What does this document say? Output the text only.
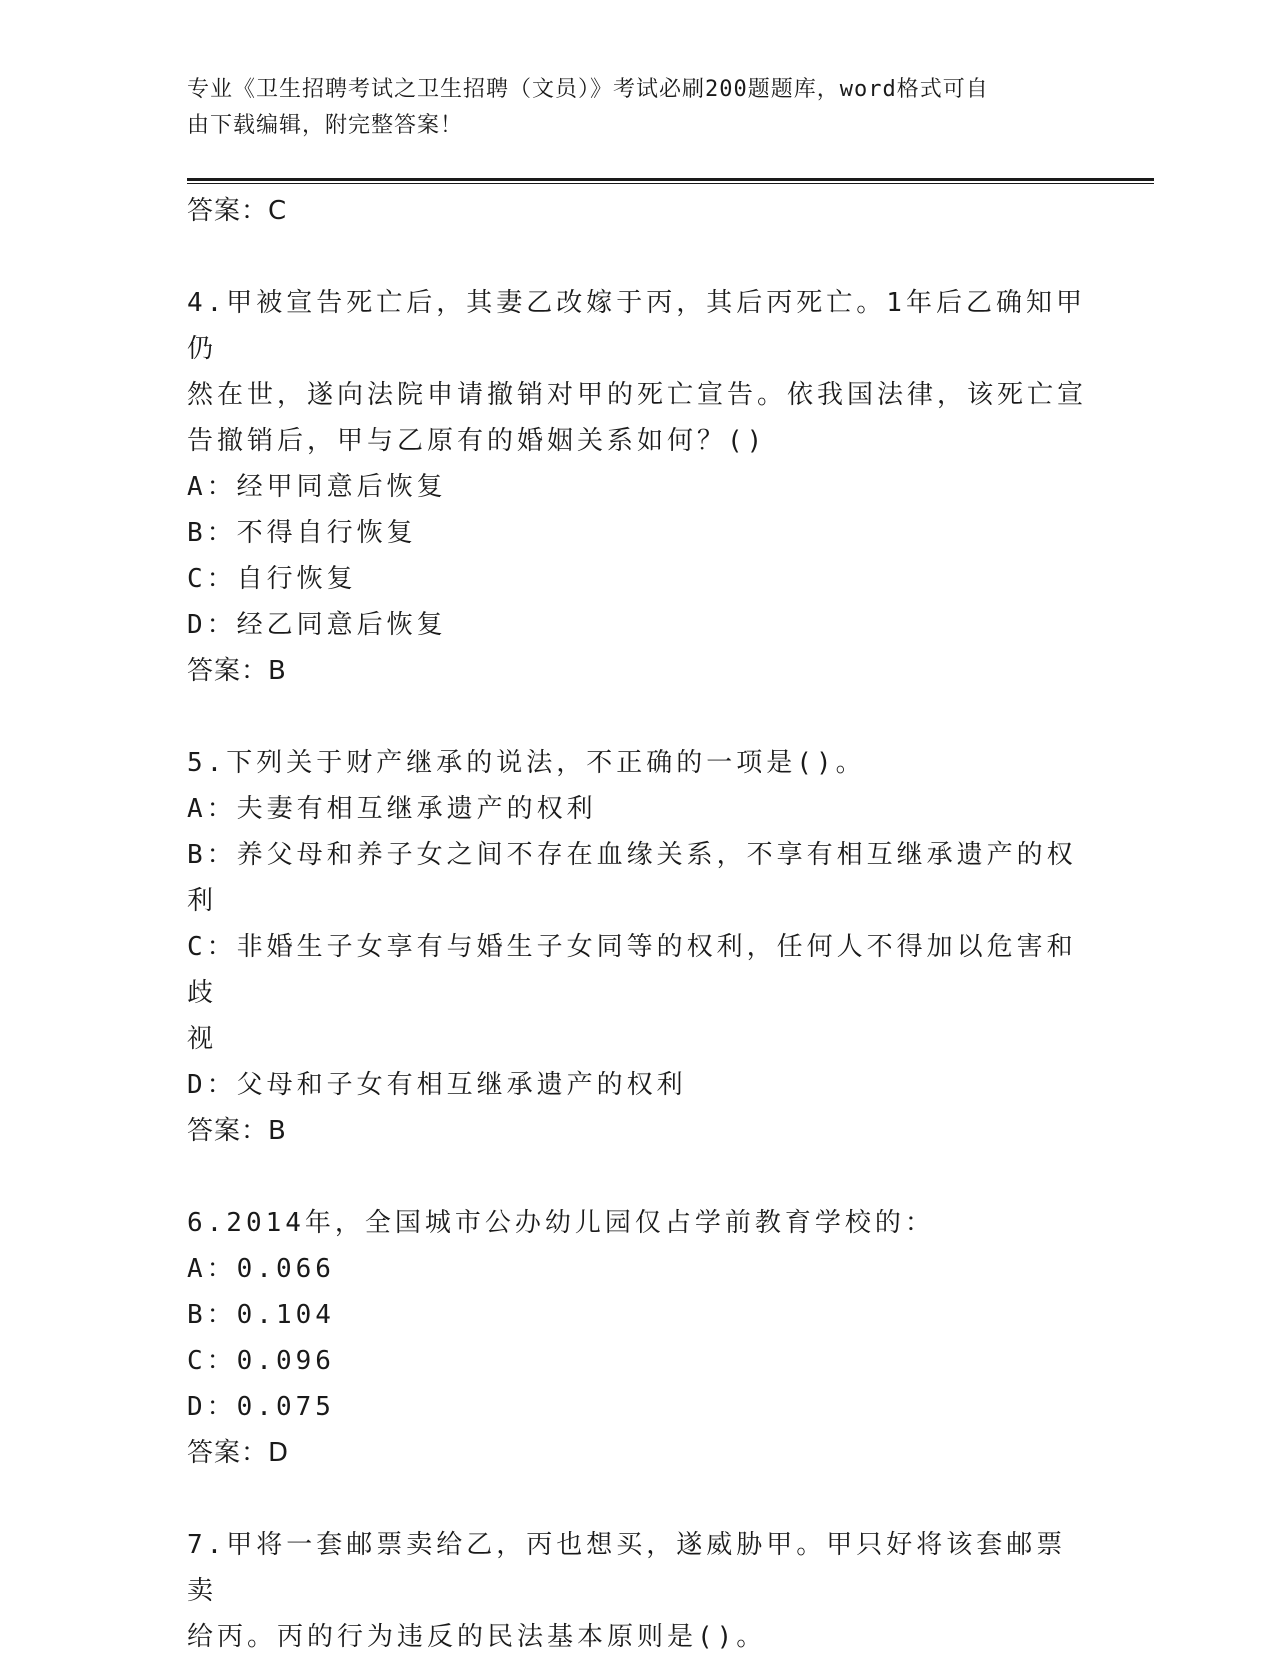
专业《卫生招聘考试之卫生招聘（文员）》考试必刷200题题库，word格式可自
由下载编辑，附完整答案！
答案：C
4.甲被宣告死亡后，其妻乙改嫁于丙，其后丙死亡。1年后乙确知甲仍
然在世，遂向法院申请撤销对甲的死亡宣告。依我国法律，该死亡宣
告撤销后，甲与乙原有的婚姻关系如何？()
A：经甲同意后恢复
B：不得自行恢复
C：自行恢复
D：经乙同意后恢复
答案：B
5.下列关于财产继承的说法，不正确的一项是()。
A：夫妻有相互继承遗产的权利
B：养父母和养子女之间不存在血缘关系，不享有相互继承遗产的权利
C：非婚生子女享有与婚生子女同等的权利，任何人不得加以危害和歧
视
D：父母和子女有相互继承遗产的权利
答案：B
6.2014年，全国城市公办幼儿园仅占学前教育学校的：
A：0.066
B：0.104
C：0.096
D：0.075
答案：D
7.甲将一套邮票卖给乙，丙也想买，遂威胁甲。甲只好将该套邮票卖
给丙。丙的行为违反的民法基本原则是()。
